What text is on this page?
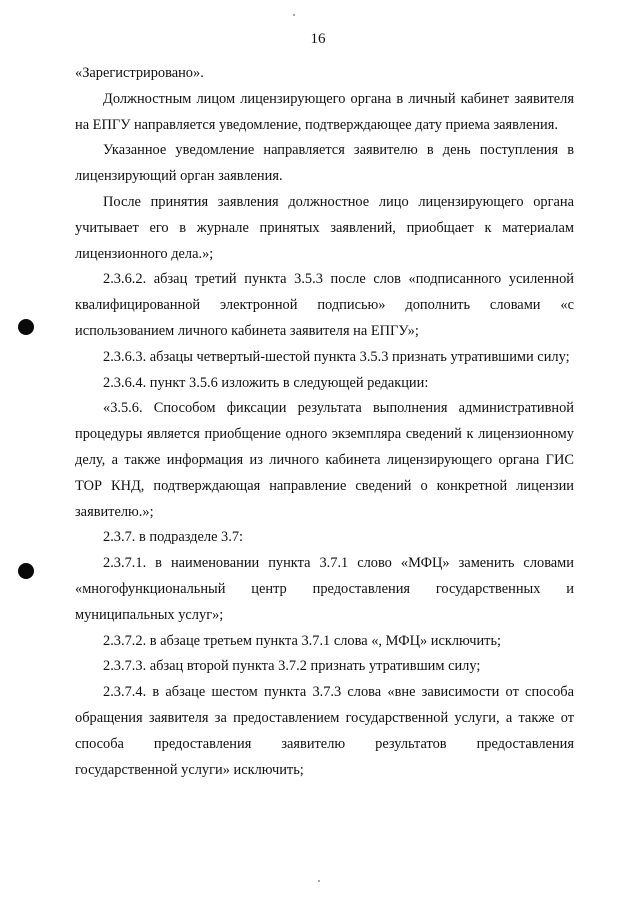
16

«Зарегистрировано».

Должностным лицом лицензирующего органа в личный кабинет заявителя на ЕПГУ направляется уведомление, подтверждающее дату приема заявления.

Указанное уведомление направляется заявителю в день поступления в лицензирующий орган заявления.

После принятия заявления должностное лицо лицензирующего органа учитывает его в журнале принятых заявлений, приобщает к материалам лицензионного дела.»;

2.3.6.2. абзац третий пункта 3.5.3 после слов «подписанного усиленной квалифицированной электронной подписью» дополнить словами «с использованием личного кабинета заявителя на ЕПГУ»;

2.3.6.3. абзацы четвертый-шестой пункта 3.5.3 признать утратившими силу;

2.3.6.4. пункт 3.5.6 изложить в следующей редакции:

«3.5.6. Способом фиксации результата выполнения административной процедуры является приобщение одного экземпляра сведений к лицензионному делу, а также информация из личного кабинета лицензирующего органа ГИС ТОР КНД, подтверждающая направление сведений о конкретной лицензии заявителю.»;

2.3.7. в подразделе 3.7:

2.3.7.1. в наименовании пункта 3.7.1 слово «МФЦ» заменить словами «многофункциональный центр предоставления государственных и муниципальных услуг»;

2.3.7.2. в абзаце третьем пункта 3.7.1 слова «, МФЦ» исключить;

2.3.7.3. абзац второй пункта 3.7.2 признать утратившим силу;

2.3.7.4. в абзаце шестом пункта 3.7.3 слова «вне зависимости от способа обращения заявителя за предоставлением государственной услуги, а также от способа предоставления заявителю результатов предоставления государственной услуги» исключить;
